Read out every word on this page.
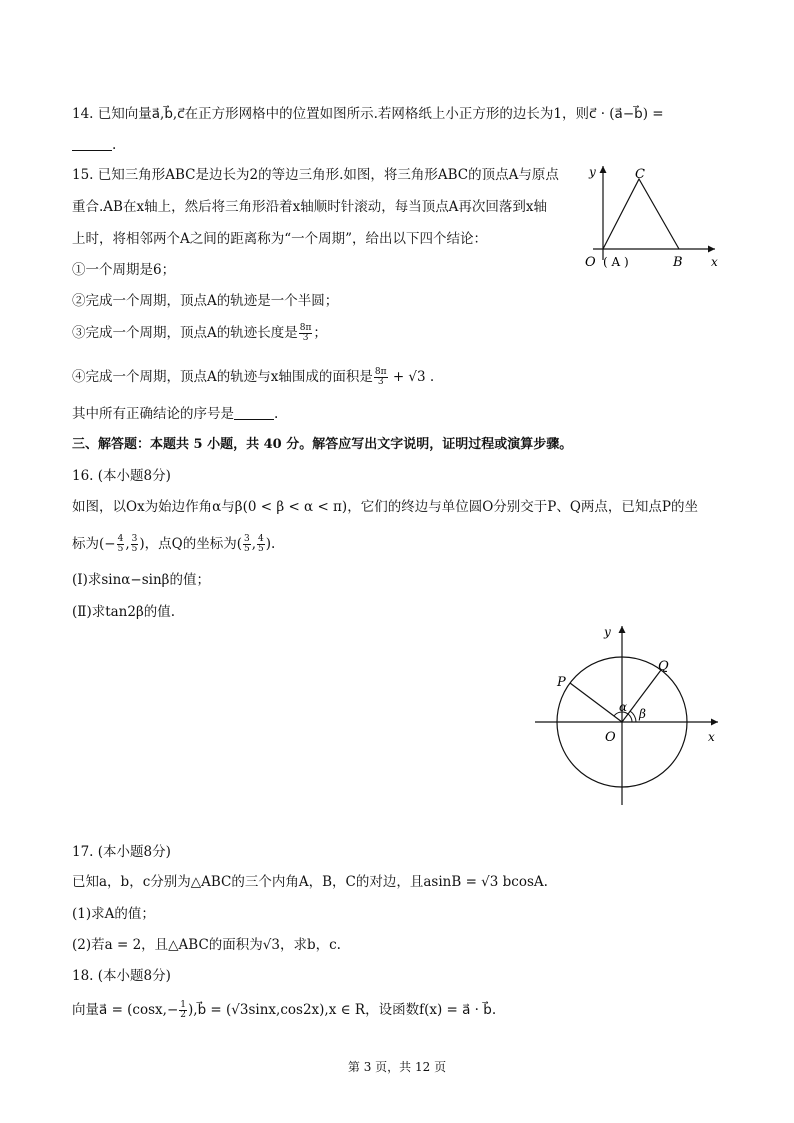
14. 已知向量a⃗,b⃗,c⃗在正方形网格中的位置如图所示.若网格纸上小正方形的边长为1，则c⃗ · (a⃗−b⃗) =
.
15. 已知三角形ABC是边长为2的等边三角形.如图，将三角形ABC的顶点A与原点
重合.AB在x轴上，然后将三角形沿着x轴顺时针滚动，每当顶点A再次回落到x轴
上时，将相邻两个A之间的距离称为“一个周期”，给出以下四个结论：
①一个周期是6；
②完成一个周期，顶点A的轨迹是一个半圆；
③完成一个周期，顶点A的轨迹长度是 $\frac{8\pi}{3}$ ；
④完成一个周期，顶点A的轨迹与x轴围成的面积是 $\frac{8\pi}{3} + √3$ .
其中所有正确结论的序号是	.
y	C
O ( A )	B x
三、解答题：本题共 5 小题，共 40 分。解答应写出文字说明，证明过程或演算步骤。
16. (本小题8分)
如图，以Ox为始边作角α与β(0 < β < α < π)，它们的终边与单位圆O分别交于P、Q两点，已知点P的坐
标为(− $\frac{4}{5}$ , $\frac{3}{5}$ )，点Q的坐标为( $\frac{3}{5}$ , $\frac{4}{5}$ ).
(Ⅰ)求sinα−sinβ的值；
(Ⅱ)求tan2β的值.
y
Q
P
α β
O	x
17. (本小题8分)
已知a，b，c分别为△ABC的三个内角A，B，C的对边，且asinB = √3 bcosA.
(1)求A的值；
(2)若a = 2，且△ABC的面积为√3，求b，c.
18. (本小题8分)
向量a⃗ = ($\cos x,- \frac{1}{2}$ ),b⃗ = (√3sinx,cos2x),x ∈ R，设函数f(x) = a⃗ · b⃗.
第 3 页，共 12 页
